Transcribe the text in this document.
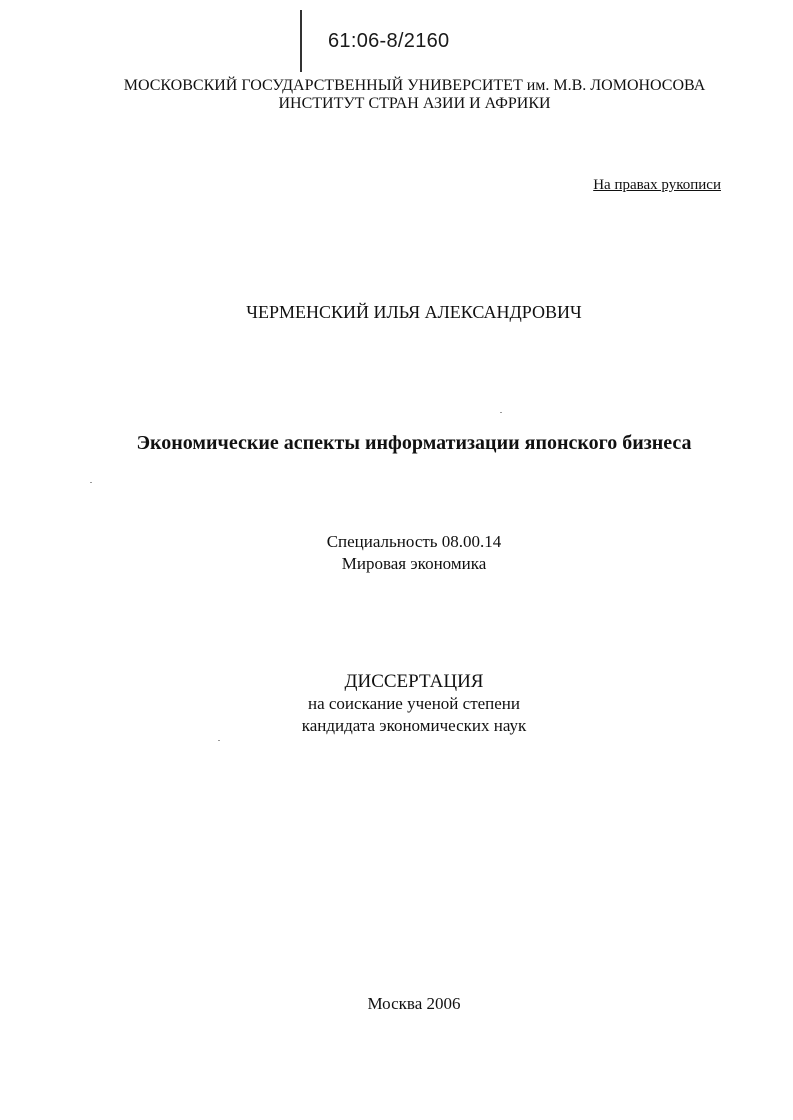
61:06-8/2160
МОСКОВСКИЙ ГОСУДАРСТВЕННЫЙ УНИВЕРСИТЕТ им. М.В. ЛОМОНОСОВА
ИНСТИТУТ СТРАН АЗИИ И АФРИКИ
На правах рукописи
ЧЕРМЕНСКИЙ ИЛЬЯ АЛЕКСАНДРОВИЧ
Экономические аспекты информатизации японского бизнеса
Специальность 08.00.14
Мировая экономика
ДИССЕРТАЦИЯ
на соискание ученой степени
кандидата экономических наук
Москва 2006
